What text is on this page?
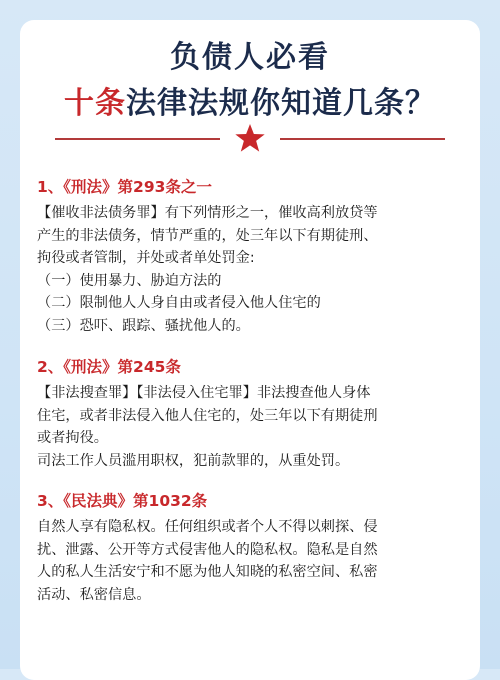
负债人必看
十条法律法规你知道几条？
1、《刑法》第293条之一
【催收非法债务罪】有下列情形之一，催收高利放贷等
产生的非法债务，情节严重的，处三年以下有期徒刑、
拘役或者管制，并处或者单处罚金:
（一）使用暴力、胁迫方法的
（二）限制他人人身自由或者侵入他人住宅的
（三）恐吓、跟踪、骚扰他人的。
2、《刑法》第245条
【非法搜查罪】【非法侵入住宅罪】非法搜查他人身体
住宅，或者非法侵入他人住宅的，处三年以下有期徒刑
或者拘役。
司法工作人员滥用职权，犯前款罪的，从重处罚。
3、《民法典》第1032条
自然人享有隐私权。任何组织或者个人不得以刺探、侵
扰、泄露、公开等方式侵害他人的隐私权。隐私是自然
人的私人生活安宁和不愿为他人知晓的私密空间、私密
活动、私密信息。
大众点评
浙江嵘翔律师事务所
